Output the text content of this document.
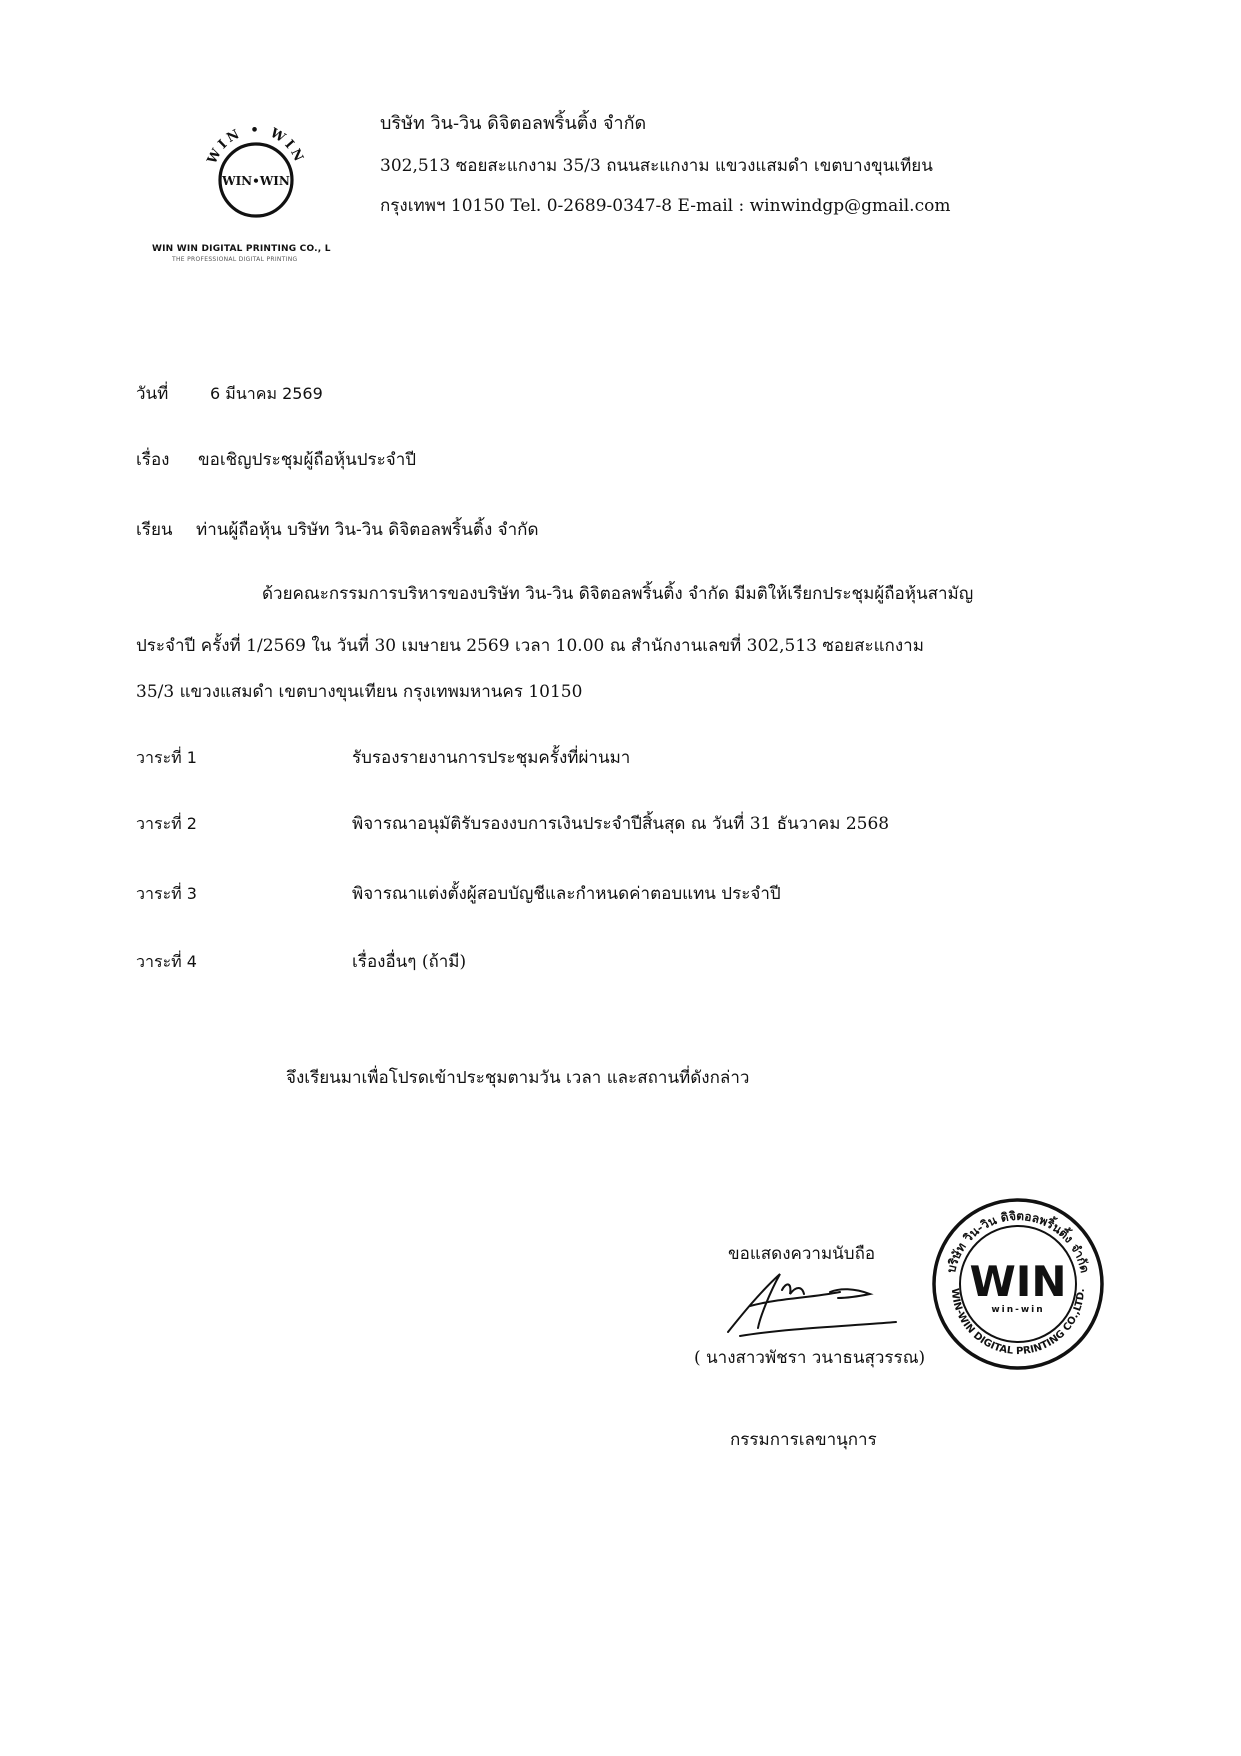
WIN • WIN
WIN•WIN
WIN WIN DIGITAL PRINTING CO., L
THE PROFESSIONAL DIGITAL PRINTING
บริษัท วิน-วิน ดิจิตอลพริ้นติ้ง จำกัด
302,513 ซอยสะแกงาม 35/3 ถนนสะแกงาม แขวงแสมดำ เขตบางขุนเทียน
กรุงเทพฯ 10150 Tel. 0-2689-0347-8 E-mail : winwindgp@gmail.com
วันที่	6 มีนาคม 2569
เรื่อง ขอเชิญประชุมผู้ถือหุ้นประจำปี
เรียน ท่านผู้ถือหุ้น บริษัท วิน-วิน ดิจิตอลพริ้นติ้ง จำกัด
ด้วยคณะกรรมการบริหารของบริษัท วิน-วิน ดิจิตอลพริ้นติ้ง จำกัด มีมติให้เรียกประชุมผู้ถือหุ้นสามัญ
ประจำปี ครั้งที่ 1/2569 ใน วันที่ 30 เมษายน 2569 เวลา 10.00 ณ สำนักงานเลขที่ 302,513 ซอยสะแกงาม
35/3 แขวงแสมดำ เขตบางขุนเทียน กรุงเทพมหานคร 10150
วาระที่ 1	รับรองรายงานการประชุมครั้งที่ผ่านมา
วาระที่ 2	พิจารณาอนุมัติรับรองงบการเงินประจำปีสิ้นสุด ณ วันที่ 31 ธันวาคม 2568
วาระที่ 3	พิจารณาแต่งตั้งผู้สอบบัญชีและกำหนดค่าตอบแทน ประจำปี
วาระที่ 4	เรื่องอื่นๆ (ถ้ามี)
จึงเรียนมาเพื่อโปรดเข้าประชุมตามวัน เวลา และสถานที่ดังกล่าว
ขอแสดงความนับถือ
( นางสาวพัชรา วนาธนสุวรรณ)
กรรมการเลขานุการ
บริษัท วิน-วิน ดิจิตอลพริ้นติ้ง จำกัด
WIN-WIN DIGITAL PRINTING CO.,LTD.
WIN
win-win
